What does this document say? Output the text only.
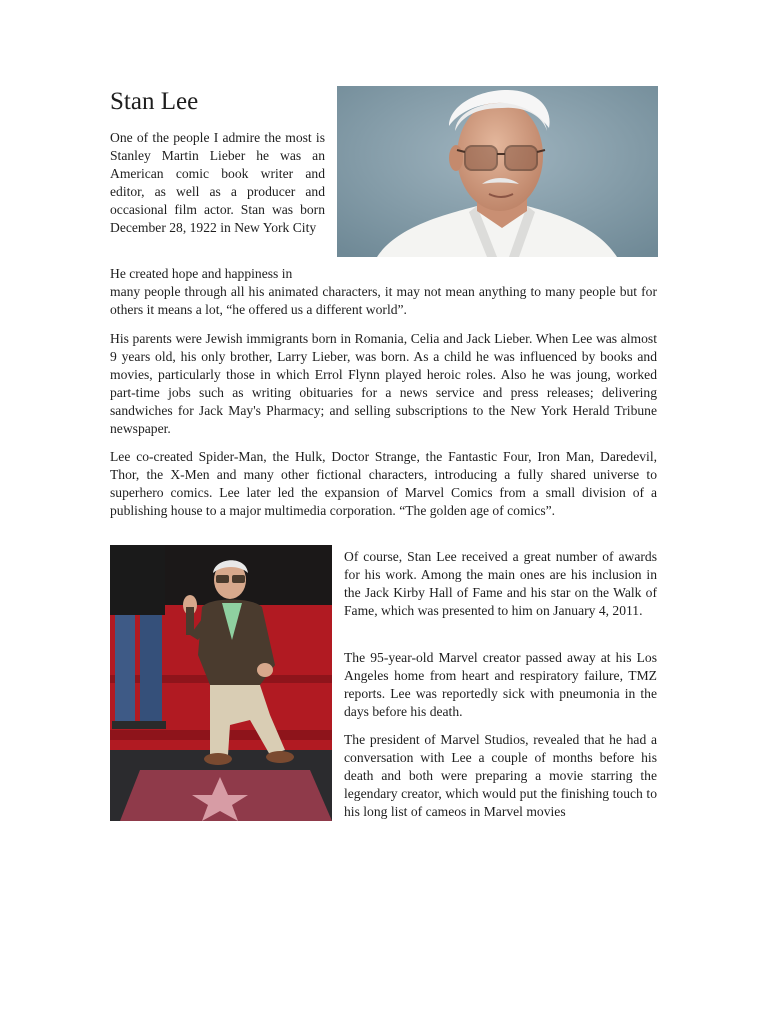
Stan Lee

One of the people I admire the most is Stanley Martin Lieber he was an American comic book writer and editor, as well as a producer and occasional film actor. Stan was born December 28, 1922 in New York City

He created hope and happiness in
many people through all his animated characters, it may not mean anything to many people but for others it means a lot, “he offered us a different world”.

His parents were Jewish immigrants born in Romania, Celia and Jack Lieber. When Lee was almost 9 years old, his only brother, Larry Lieber, was born. As a child he was influenced by books and movies, particularly those in which Errol Flynn played heroic roles. Also he was joung, worked part-time jobs such as writing obituaries for a news service and press releases; delivering sandwiches for Jack May's Pharmacy; and selling subscriptions to the New York Herald Tribune newspaper.

Lee co-created Spider-Man, the Hulk, Doctor Strange, the Fantastic Four, Iron Man, Daredevil, Thor, the X-Men and many other fictional characters, introducing a fully shared universe to superhero comics. Lee later led the expansion of Marvel Comics from a small division of a publishing house to a major multimedia corporation. “The golden age of comics”.

Of course, Stan Lee received a great number of awards for his work. Among the main ones are his inclusion in the Jack Kirby Hall of Fame and his star on the Walk of Fame, which was presented to him on January 4, 2011.

The 95-year-old Marvel creator passed away at his Los Angeles home from heart and respiratory failure, TMZ reports. Lee was reportedly sick with pneumonia in the days before his death.

The president of Marvel Studios, revealed that he had a conversation with Lee a couple of months before his death and both were preparing a movie starring the legendary creator, which would put the finishing touch to his long list of cameos in Marvel movies
